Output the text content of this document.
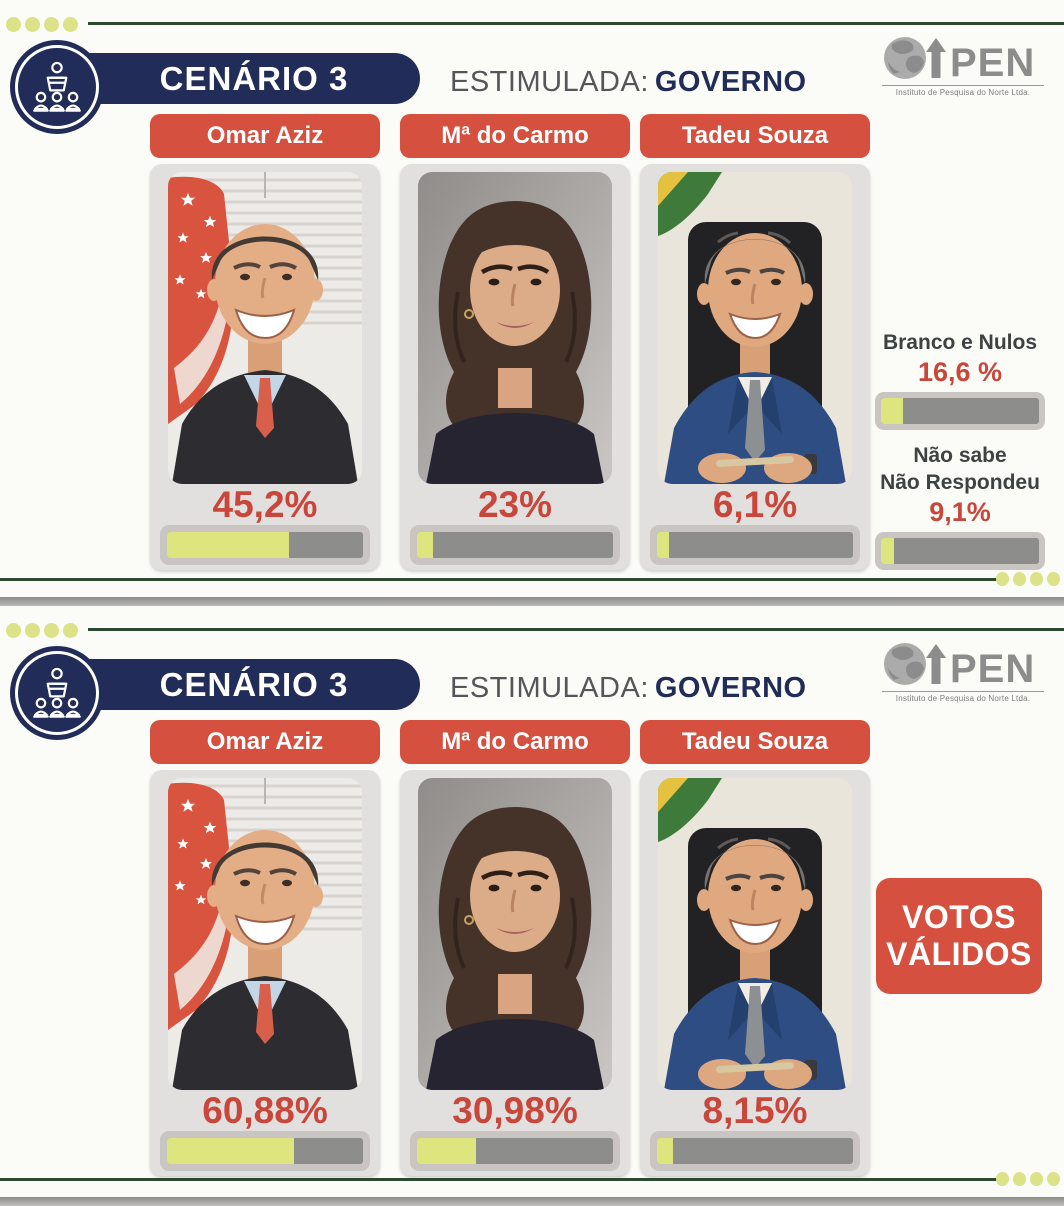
CENÁRIO 3	ESTIMULADA: GOVERNO	Instituto de Pesquisa do Norte Ltda.
Omar Aziz
45,2%
Mª do Carmo
23%
Tadeu Souza
6,1%
Branco e Nulos
16,6 %
Não sabe
Não Respondeu
9,1%
CENÁRIO 3	ESTIMULADA: GOVERNO	Instituto de Pesquisa do Norte Ltda.
Omar Aziz
60,88%
Mª do Carmo
30,98%
Tadeu Souza
8,15%
VOTOS VÁLIDOS
